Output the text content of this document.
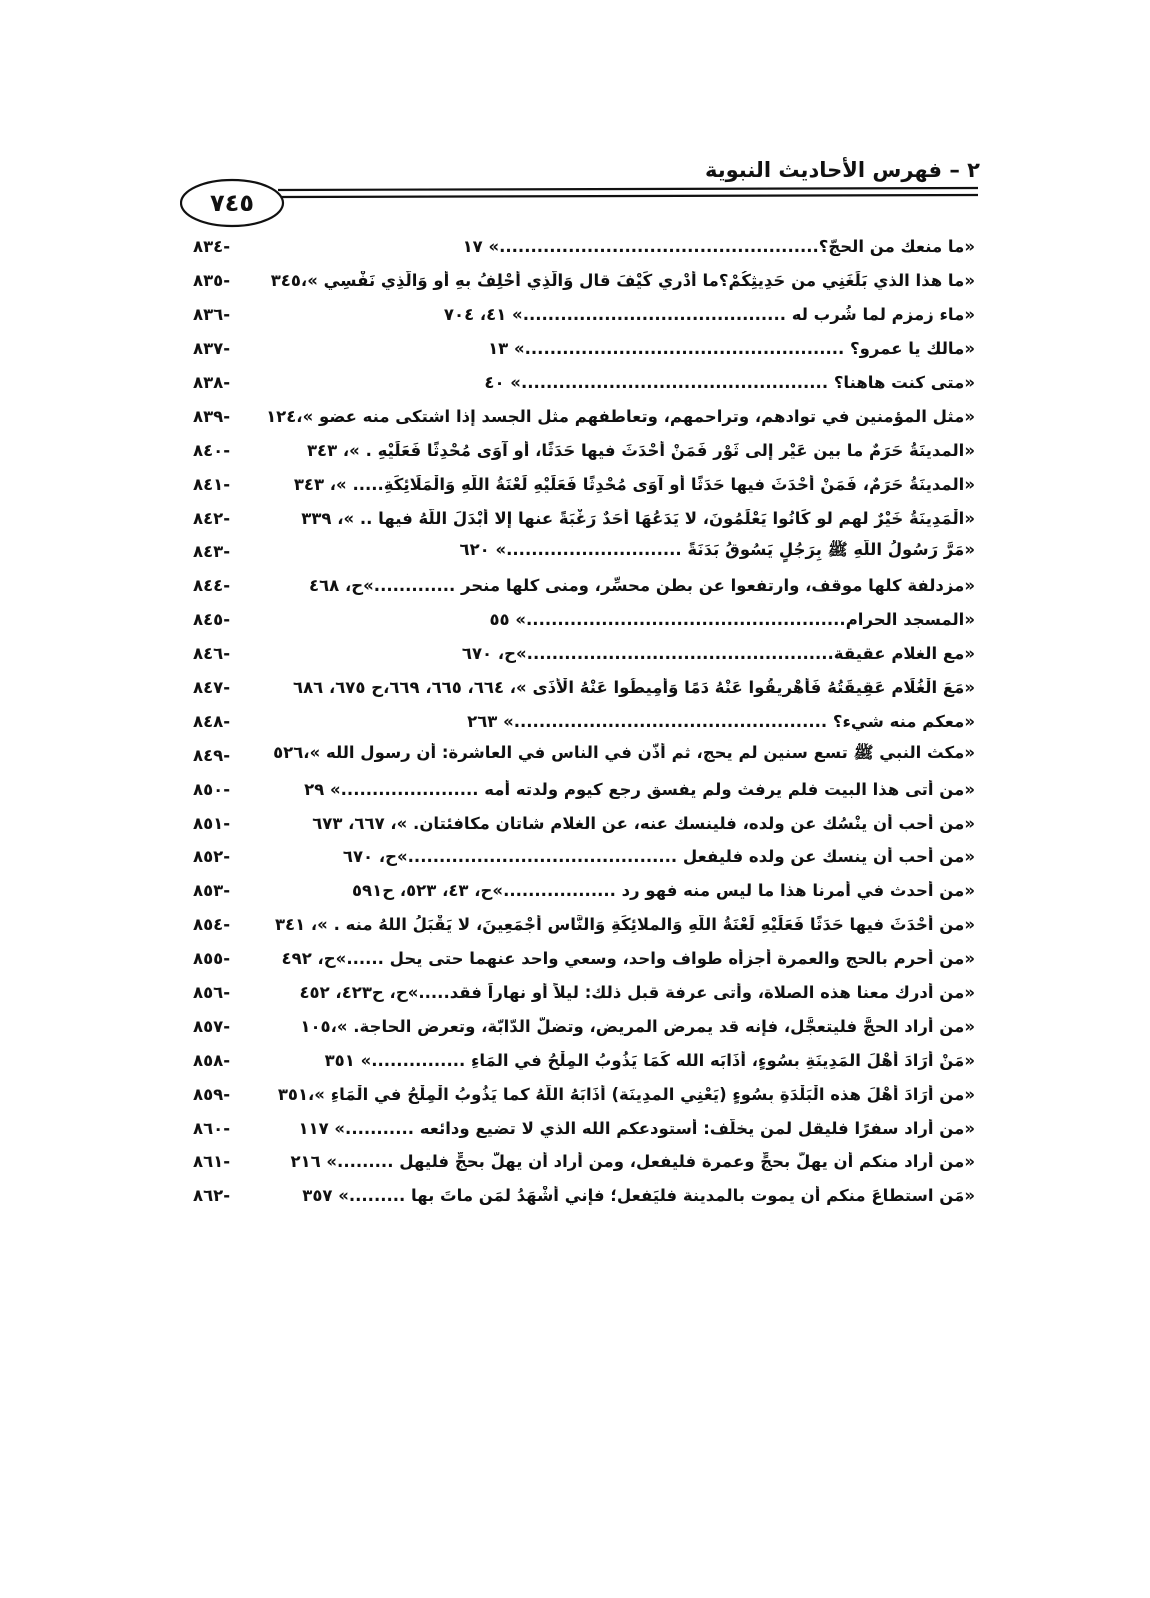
٢ – فهرس الأحاديث النبوية
٧٤٥
-٨٣٤	«ما منعك من الحجّ؟...................................................» ١٧
-٨٣٥	«ما هذا الذي بَلَغَنِي من حَدِيثِكُمْ؟ما أَدْرِي كَيْفَ قال وَالَّذِي أَحْلِفُ بِهِ أو وَالَّذِي نَفْسِي »،٣٤٥
-٨٣٦	«ماء زمزم لما شُرب له ..........................................» ٤١، ٧٠٤
-٨٣٧	«مالك يا عمرو؟ ...................................................» ١٣
-٨٣٨	«متى كنت هاهنا؟ .................................................» ٤٠
-٨٣٩	«مثل المؤمنين في توادهم، وتراحمهم، وتعاطفهم مثل الجسد إذا اشتكى منه عضو »،١٢٤
-٨٤٠	«المدينَةُ حَرَمٌ ما بين عَيْرٍ إلى ثَوْرٍ فَمَنْ أَحْدَثَ فيها حَدَثًا، أو آوَى مُحْدِثًا فَعَلَيْهِ . »، ٣٤٣
-٨٤١	«المدينَةُ حَرَمٌ، فَمَنْ أَحْدَثَ فيها حَدَثًا أو آوَى مُحْدِثًا فَعَلَيْهِ لَعْنَةُ اللَّهِ وَالْمَلَائِكَةِ..... »، ٣٤٣
-٨٤٢	«الْمَدِينَةُ خَيْرٌ لهم لو كَانُوا يَعْلَمُونَ، لا يَدَعُهَا أَحَدٌ رَغْبَةً عنها إلا أَبْدَلَ اللَّهُ فيها .. »، ٣٣٩
-٨٤٣	«مَرَّ رَسُولُ اللَّهِ ﷺ بِرَجُلٍ يَسُوقُ بَدَنَةً ............................» ٦٢٠
-٨٤٤	«مزدلفة كلها موقف، وارتفعوا عن بطن محسِّر، ومنى كلها منحر .............»ح، ٤٦٨
-٨٤٥	«المسجد الحرام...................................................» ٥٥
-٨٤٦	«مع الغلام عقيقة.................................................»ح، ٦٧٠
-٨٤٧	«مَعَ الْغُلَامِ عَقِيقَتُهُ فَأَهْرِيقُوا عَنْهُ دَمًا وَأَمِيطُوا عَنْهُ الْأَذَى »، ٦٦٤، ٦٦٥، ٦٦٩،ح ٦٧٥، ٦٨٦
-٨٤٨	«معكم منه شيء؟ ..................................................» ٢٦٣
-٨٤٩	«مكث النبي ﷺ تسع سنين لم يحج، ثم أذَّن في الناس في العاشرة: أن رسول الله »،٥٢٦
-٨٥٠	«من أتى هذا البيت فلم يرفث ولم يفسق رجع كيوم ولدته أمه ......................» ٢٩
-٨٥١	«من أحب أن ينْسُك عن ولده، فلينسك عنه، عن الغلام شاتان مكافئتان. »، ٦٦٧، ٦٧٣
-٨٥٢	«من أحب أن ينسك عن ولده فليفعل ...........................................»ح، ٦٧٠
-٨٥٣	«من أحدث في أمرنا هذا ما ليس منه فهو رد ..................»ح، ٤٣، ٥٢٣، ح٥٩١
-٨٥٤	«من أَحْدَثَ فيها حَدَثًا فَعَلَيْهِ لَعْنَةُ اللَّهِ وَالملائِكَةِ وَالنَّاسِ أَجْمَعِينَ، لا يَقْبَلُ اللهُ منه . »، ٣٤١
-٨٥٥	«من أحرم بالحج والعمرة أجزأه طواف واحد، وسعي واحد عنهما حتى يحل ......»ح، ٤٩٢
-٨٥٦	«من أدرك معنا هذه الصلاة، وأتى عرفة قبل ذلك: ليلاً أو نهاراً فقد.....»ح، ح٤٢٣، ٤٥٢
-٨٥٧	«من أراد الحجَّ فليتعجَّل، فإنه قد يمرض المريض، وتضلُّ الدّابّة، وتعرض الحاجة. »،١٠٥
-٨٥٨	«مَنْ أَرَادَ أَهْلَ المَدِينَةِ بِسُوءٍ، أَذَابَه الله كَمَا يَذُوبُ المِلْحُ في المَاءِ ...............» ٣٥١
-٨٥٩	«من أَرَادَ أَهْلَ هذه الْبَلْدَةِ بِسُوءٍ (يَعْنِي المدِينَة) أَذَابَهُ اللَّهُ كما يَذُوبُ الْمِلْحُ في الْمَاءِ »،٣٥١
-٨٦٠	«من أراد سفرًا فليقل لمن يخلّف: أستودعكم الله الذي لا تضيع ودائعه ...........» ١١٧
-٨٦١	«من أراد منكم أن يهلّ بحجٍّ وعمرة فليفعل، ومن أراد أن يهلَّ بحجٍّ فليهل .........» ٢١٦
-٨٦٢	«مَن استطاعَ منكم أن يموت بالمدينة فليَفعل؛ فإني أَشْهَدُ لمَن ماتَ بها .........» ٣٥٧
